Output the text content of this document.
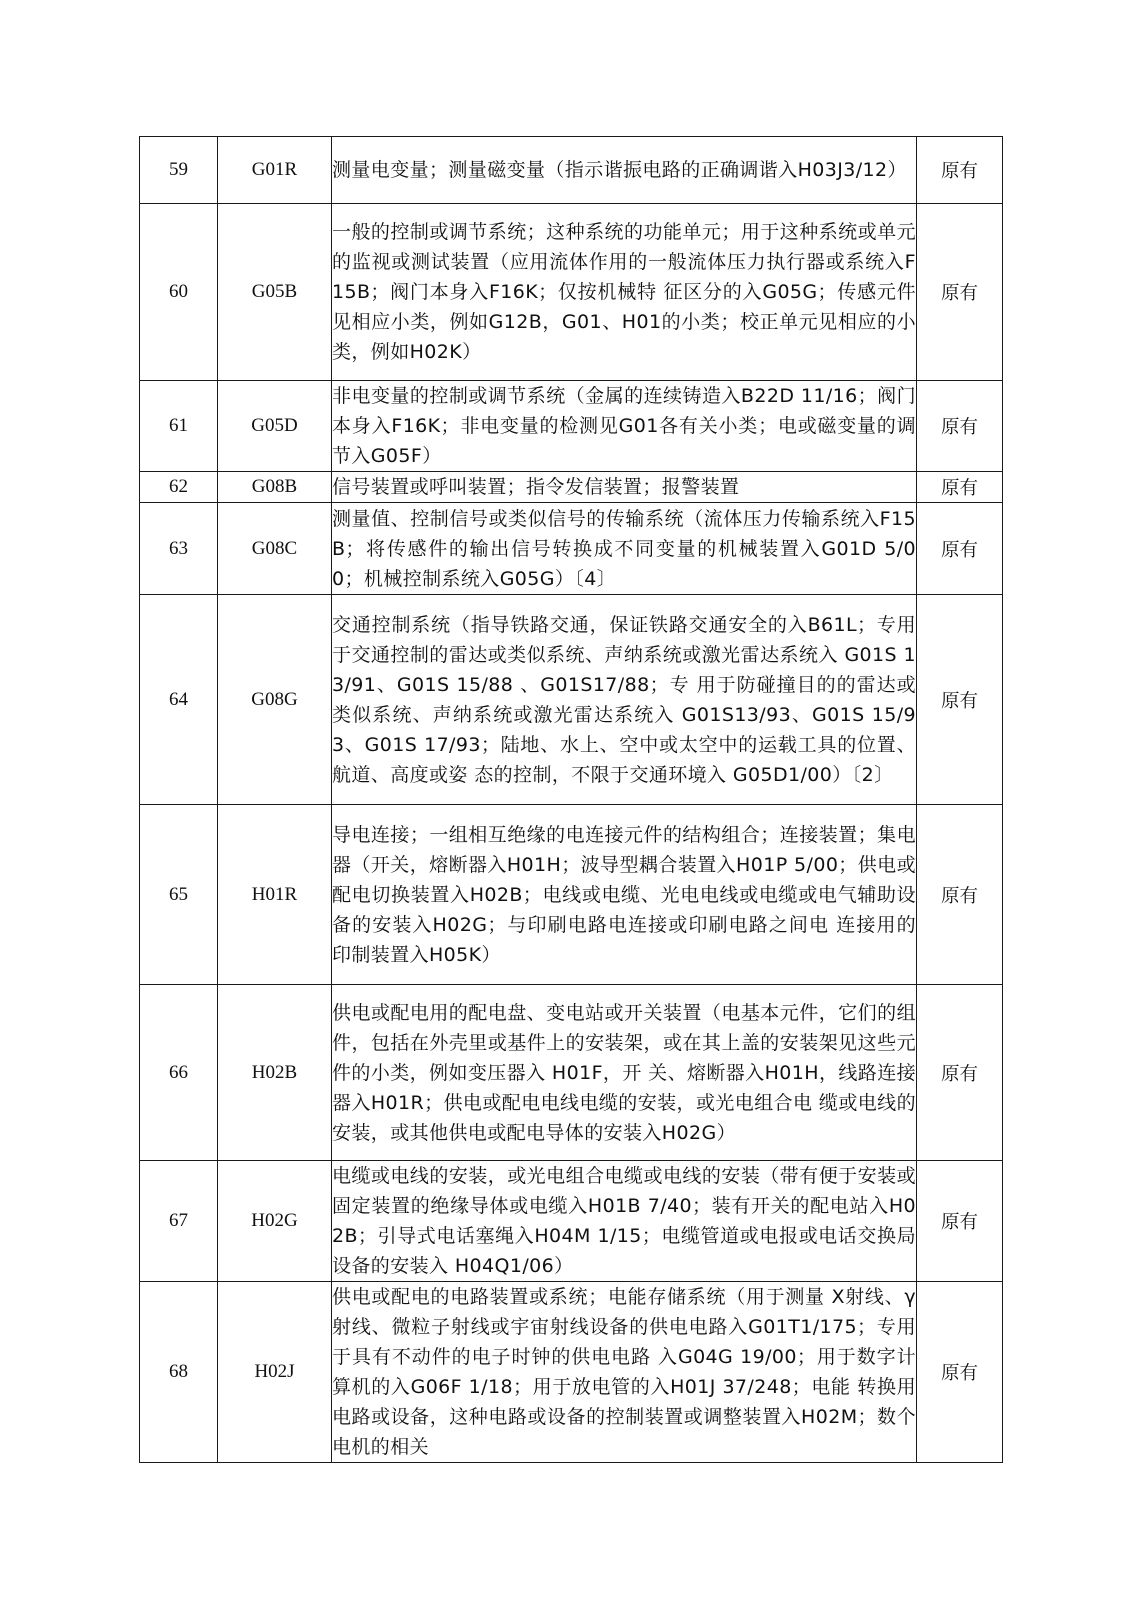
59	G01R	测量电变量；测量磁变量（指示谐振电路的正确调谐入H03J3/12）	原有
60	G05B	一般的控制或调节系统；这种系统的功能单元；用于这种系统或单元的监视或测试装置（应用流体作用的一般流体压力执行器或系统入F15B；阀门本身入F16K；仅按机械特 征区分的入G05G；传感元件见相应小类，例如G12B，G01、H01的小类；校正单元见相应的小类，例如H02K）	原有
61	G05D	非电变量的控制或调节系统（金属的连续铸造入B22D 11/16；阀门本身入F16K；非电变量的检测见G01各有关小类；电或磁变量的调节入G05F）	原有
62	G08B	信号装置或呼叫装置；指令发信装置；报警装置	原有
63	G08C	测量值、控制信号或类似信号的传输系统（流体压力传输系统入F15B；将传感件的输出信号转换成不同变量的机械装置入G01D 5/00；机械控制系统入G05G）〔4〕	原有
64	G08G	交通控制系统（指导铁路交通，保证铁路交通安全的入B61L；专用于交通控制的雷达或类似系统、声纳系统或激光雷达系统入 G01S 13/91、G01S 15/88 、G01S17/88；专 用于防碰撞目的的雷达或类似系统、声纳系统或激光雷达系统入 G01S13/93、G01S 15/93、G01S 17/93；陆地、水上、空中或太空中的运载工具的位置、航道、高度或姿 态的控制，不限于交通环境入 G05D1/00）〔2〕	原有
65	H01R	导电连接；一组相互绝缘的电连接元件的结构组合；连接装置；集电器（开关，熔断器入H01H；波导型耦合装置入H01P 5/00；供电或配电切换装置入H02B；电线或电缆、光电电线或电缆或电气辅助设备的安装入H02G；与印刷电路电连接或印刷电路之间电 连接用的印制装置入H05K）	原有
66	H02B	供电或配电用的配电盘、变电站或开关装置（电基本元件，它们的组件，包括在外壳里或基件上的安装架，或在其上盖的安装架见这些元件的小类，例如变压器入 H01F，开 关、熔断器入H01H，线路连接器入H01R；供电或配电电线电缆的安装，或光电组合电 缆或电线的安装，或其他供电或配电导体的安装入H02G）	原有
67	H02G	电缆或电线的安装，或光电组合电缆或电线的安装（带有便于安装或固定装置的绝缘导体或电缆入H01B 7/40；装有开关的配电站入H02B；引导式电话塞绳入H04M 1/15；电缆管道或电报或电话交换局设备的安装入 H04Q1/06）	原有
68	H02J	供电或配电的电路装置或系统；电能存储系统（用于测量 X射线、γ 射线、微粒子射线或宇宙射线设备的供电电路入G01T1/175；专用于具有不动件的电子时钟的供电电路 入G04G 19/00；用于数字计算机的入G06F 1/18；用于放电管的入H01J 37/248；电能 转换用电路或设备，这种电路或设备的控制装置或调整装置入H02M；数个电机的相关	原有
